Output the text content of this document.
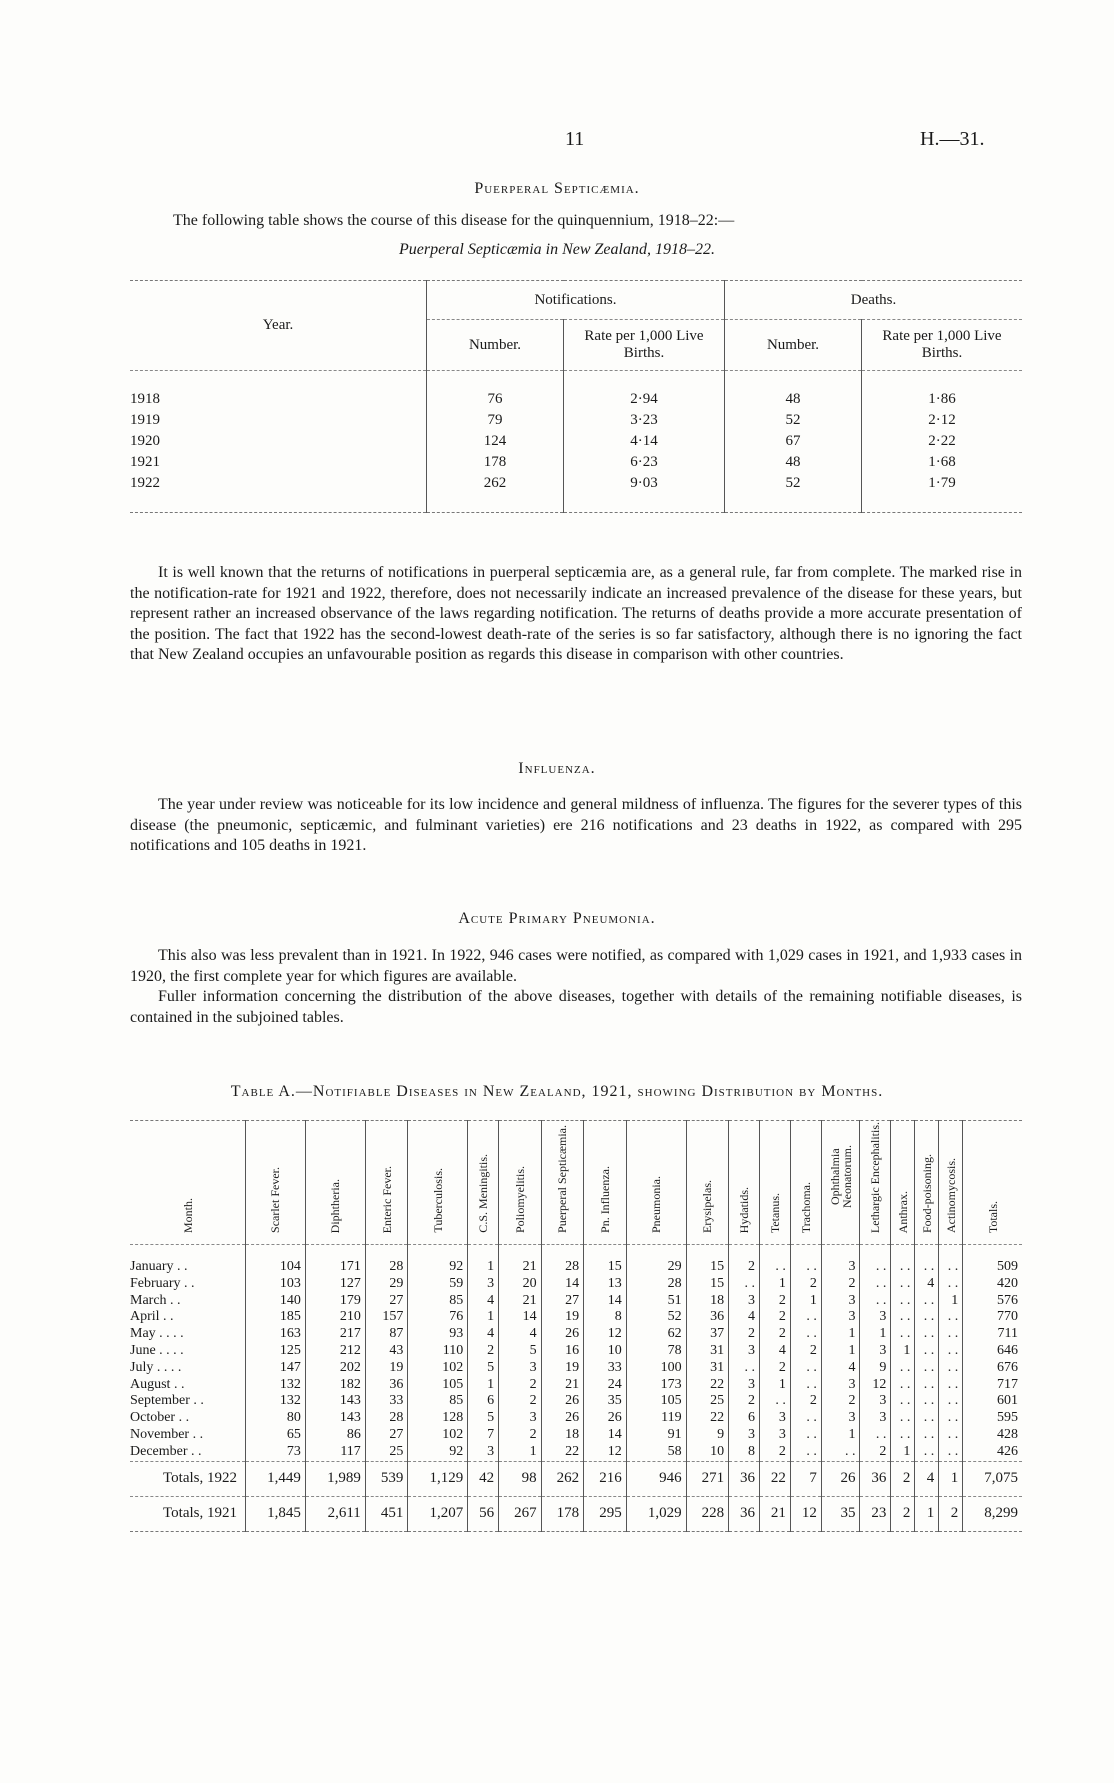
11	H.—31.
Puerperal Septicæmia.
The following table shows the course of this disease for the quinquennium, 1918–22:—
Puerperal Septicæmia in New Zealand, 1918–22.
Year.	Notifications.		Deaths.	
	Number.	Rate per 1,000 Live Births.	Number.	Rate per 1,000 Live Births.
1918	76	2·94	48	1·86
1919	79	3·23	52	2·12
1920	124	4·14	67	2·22
1921	178	6·23	48	1·68
1922	262	9·03	52	1·79

It is well known that the returns of notifications in puerperal septicæmia are, as a general rule, far from complete. The marked rise in the notification-rate for 1921 and 1922, therefore, does not necessarily indicate an increased prevalence of the disease for these years, but represent rather an increased observance of the laws regarding notification. The returns of deaths provide a more accurate presentation of the position. The fact that 1922 has the second-lowest death-rate of the series is so far satisfactory, although there is no ignoring the fact that New Zealand occupies an unfavourable position as regards this disease in comparison with other countries.

Influenza.

The year under review was noticeable for its low incidence and general mildness of influenza. The figures for the severer types of this disease (the pneumonic, septicæmic, and fulminant varieties) ere 216 notifications and 23 deaths in 1922, as compared with 295 notifications and 105 deaths in 1921.

Acute Primary Pneumonia.

This also was less prevalent than in 1921. In 1922, 946 cases were notified, as compared with 1,029 cases in 1921, and 1,933 cases in 1920, the first complete year for which figures are available.

Fuller information concerning the distribution of the above diseases, together with details of the remaining notifiable diseases, is contained in the subjoined tables.

Table A.—Notifiable Diseases in New Zealand, 1921, showing Distribution by Months.
Month.	Scarlet Fever.	Diphtheria.	Enteric Fever.	Tuberculosis.	C.S. Meningitis.	Poliomyelitis.	Puerperal Septicæmia.	Pn. Influenza.	Pneumonia.	Erysipelas.	Hydatids.	Tetanus.	Trachoma.	Ophthalmia Neonatorum.	Lethargic Encephalitis.	Anthrax.	Food-poisoning.	Actinomycosis.	Totals.
January . .	104	171	28	92	1	21	28	15	29	15	2	. .	. .	3	. .	. .	. .	. .	509
February . .	103	127	29	59	3	20	14	13	28	15	. .	1	2	2	. .	. .	4	. .	420
March . .	140	179	27	85	4	21	27	14	51	18	3	2	1	3	. .	. .	. .	1	576
April . .	185	210	157	76	1	14	19	8	52	36	4	2	. .	3	3	. .	. .	. .	770
May . . . .	163	217	87	93	4	4	26	12	62	37	2	2	. .	1	1	. .	. .	. .	711
June . . . .	125	212	43	110	2	5	16	10	78	31	3	4	2	1	3	1	. .	. .	646
July . . . .	147	202	19	102	5	3	19	33	100	31	. .	2	. .	4	9	. .	. .	. .	676
August . .	132	182	36	105	1	2	21	24	173	22	3	1	. .	3	12	. .	. .	. .	717
September . .	132	143	33	85	6	2	26	35	105	25	2	. .	2	2	3	. .	. .	. .	601
October . .	80	143	28	128	5	3	26	26	119	22	6	3	. .	3	3	. .	. .	. .	595
November . .	65	86	27	102	7	2	18	14	91	9	3	3	. .	1	. .	. .	. .	. .	428
December . .	73	117	25	92	3	1	22	12	58	10	8	2	. .	. .	2	1	. .	. .	426
Totals, 1922	1,449	1,989	539	1,129	42	98	262	216	946	271	36	22	7	26	36	2	4	1	7,075
Totals, 1921	1,845	2,611	451	1,207	56	267	178	295	1,029	228	36	21	12	35	23	2	1	2	8,299
